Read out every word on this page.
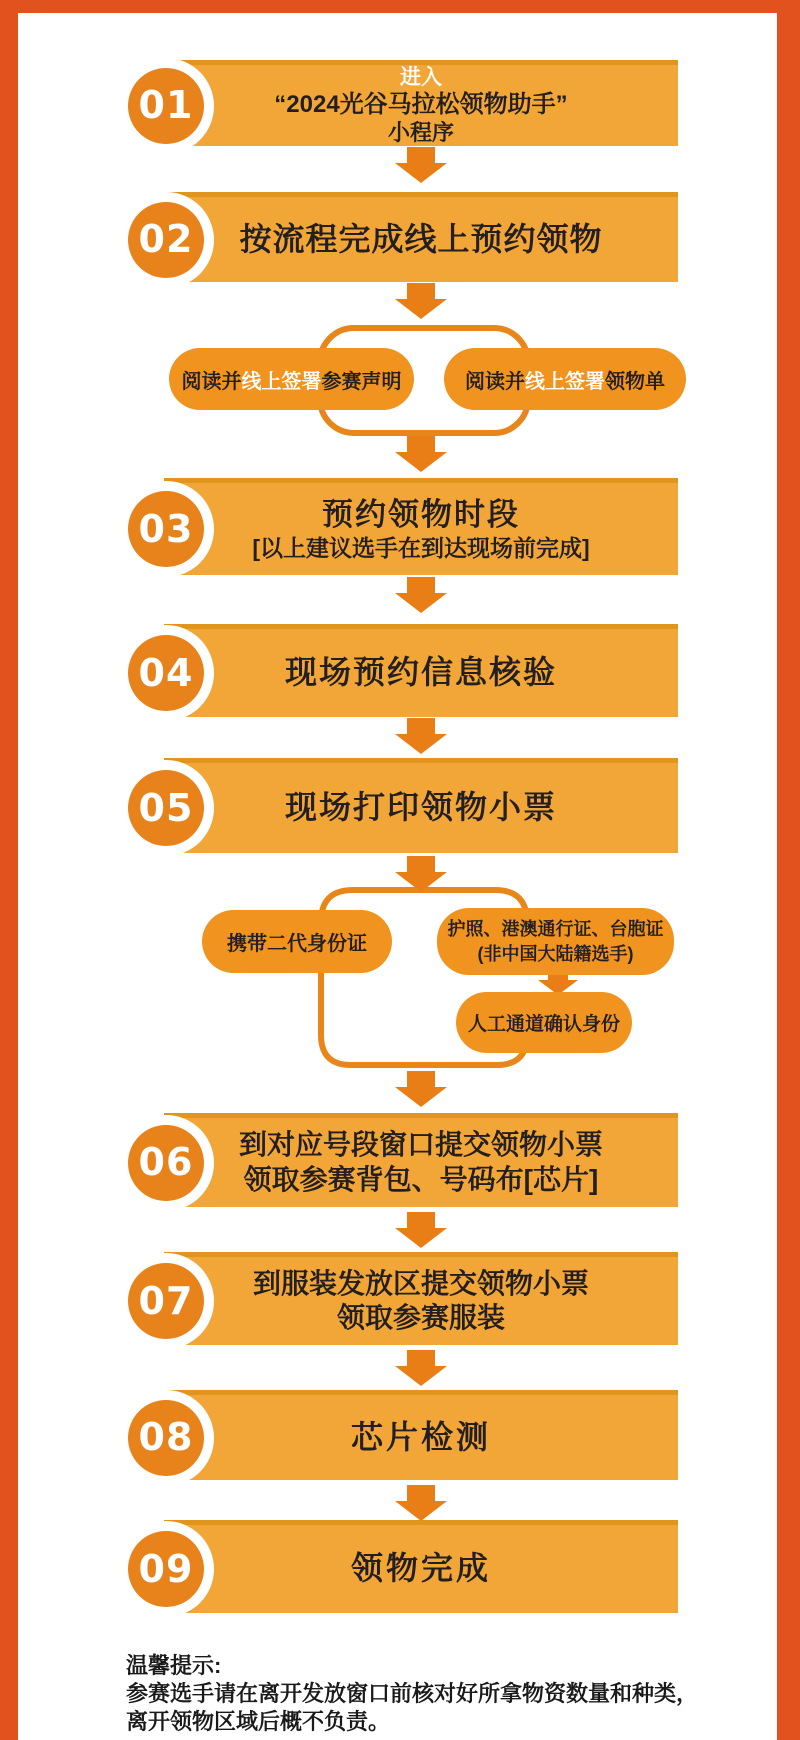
01
进入
“2024光谷马拉松领物助手”
小程序
02	按流程完成线上预约领物
03	预约领物时段
[以上建议选手在到达现场前完成]
04	现场预约信息核验
05	现场打印领物小票
06	到对应号段窗口提交领物小票
领取参赛背包、号码布[芯片]
07	到服装发放区提交领物小票
领取参赛服装
08	芯片检测
09	领物完成
阅读并线上签署参赛声明	阅读并线上签署领物单
携带二代身份证
护照、港澳通行证、台胞证
(非中国大陆籍选手)
人工通道确认身份
温馨提示:
参赛选手请在离开发放窗口前核对好所拿物资数量和种类，
离开领物区域后概不负责。
